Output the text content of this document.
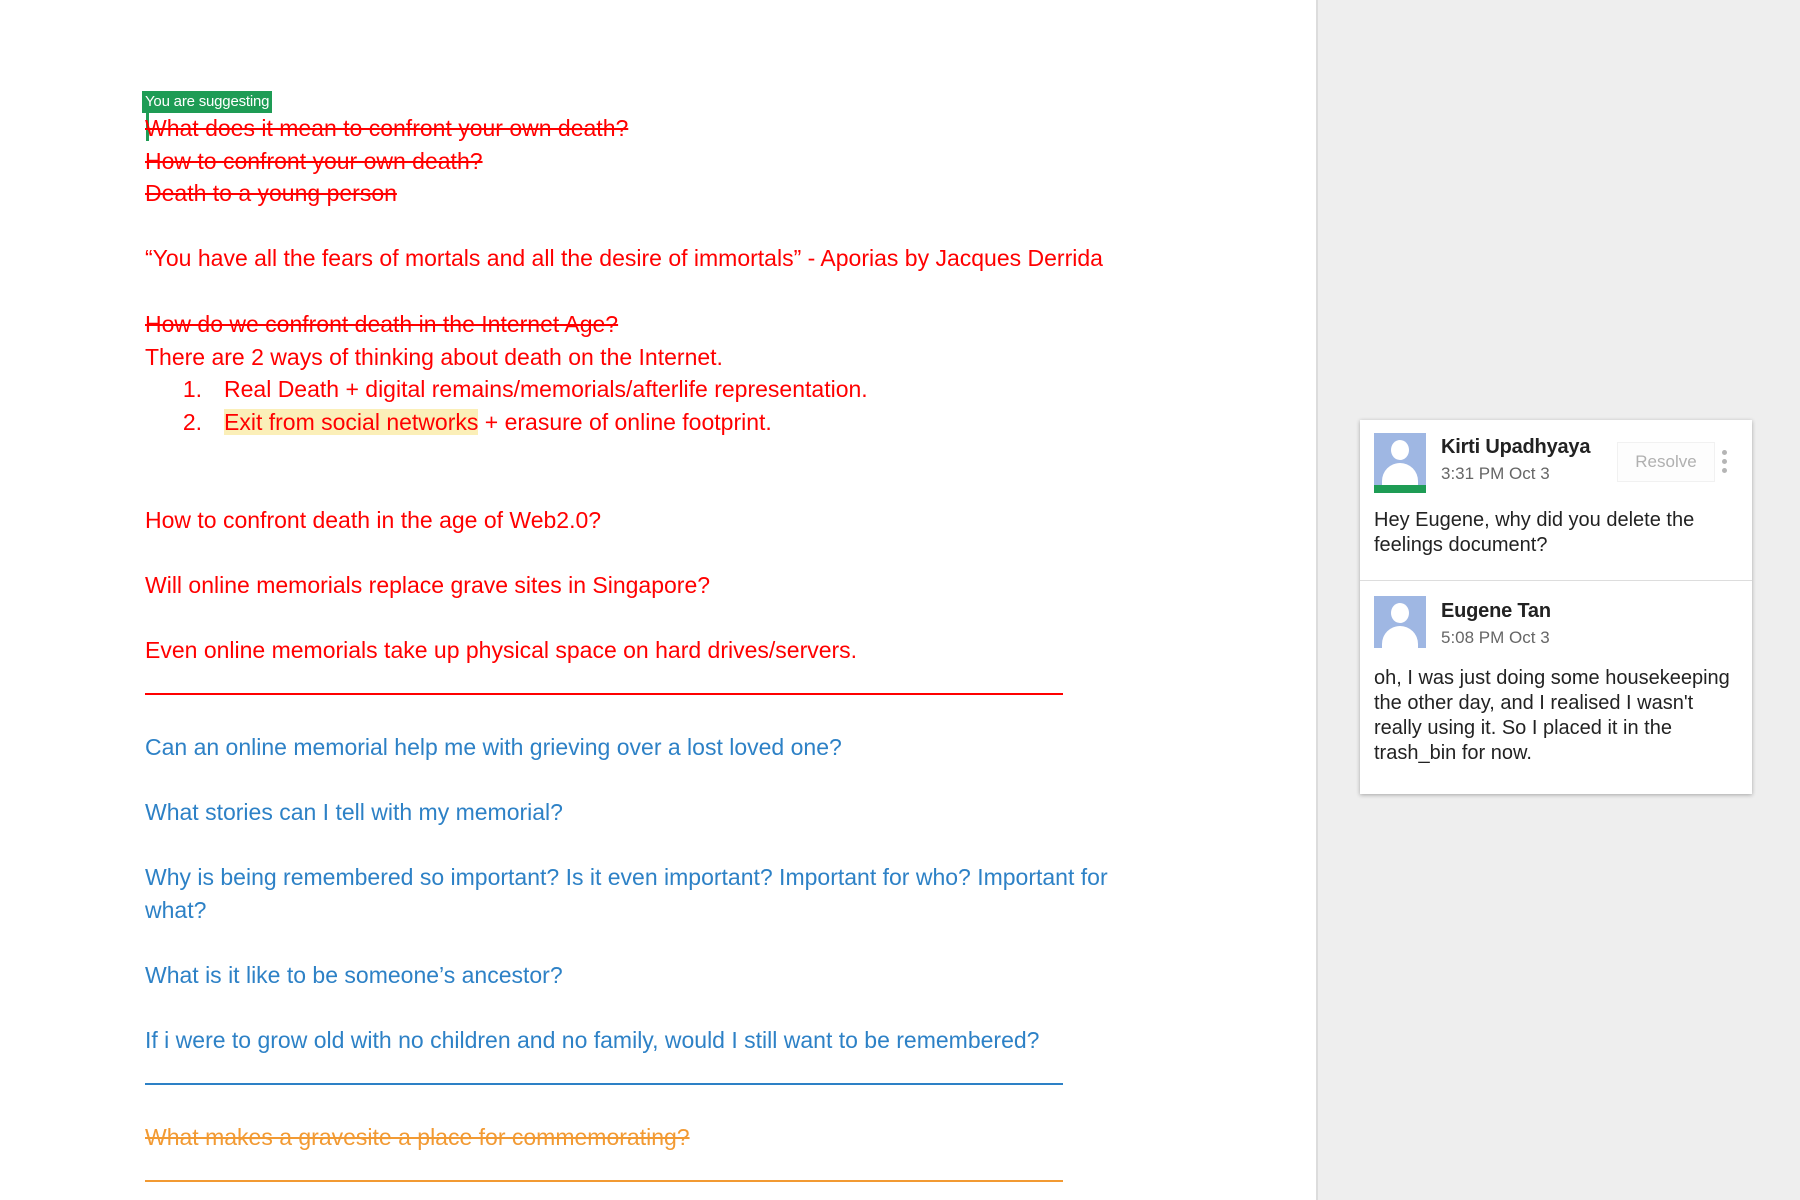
You are suggesting
What does it mean to confront your own death?
How to confront your own death?
Death to a young person
“You have all the fears of mortals and all the desire of immortals” - Aporias by Jacques Derrida
How do we confront death in the Internet Age?
There are 2 ways of thinking about death on the Internet.
1. Real Death + digital remains/memorials/afterlife representation.
2. Exit from social networks + erasure of online footprint.
How to confront death in the age of Web2.0?
Will online memorials replace grave sites in Singapore?
Even online memorials take up physical space on hard drives/servers.
Can an online memorial help me with grieving over a lost loved one?
What stories can I tell with my memorial?
Why is being remembered so important? Is it even important? Important for who? Important for what?
What is it like to be someone’s ancestor?
If i were to grow old with no children and no family, would I still want to be remembered?
What makes a gravesite a place for commemorating?
Kirti Upadhyaya
3:31 PM Oct 3
Resolve
Hey Eugene, why did you delete the feelings document?
Eugene Tan
5:08 PM Oct 3
oh, I was just doing some housekeeping the other day, and I realised I wasn't really using it. So I placed it in the trash_bin for now.
